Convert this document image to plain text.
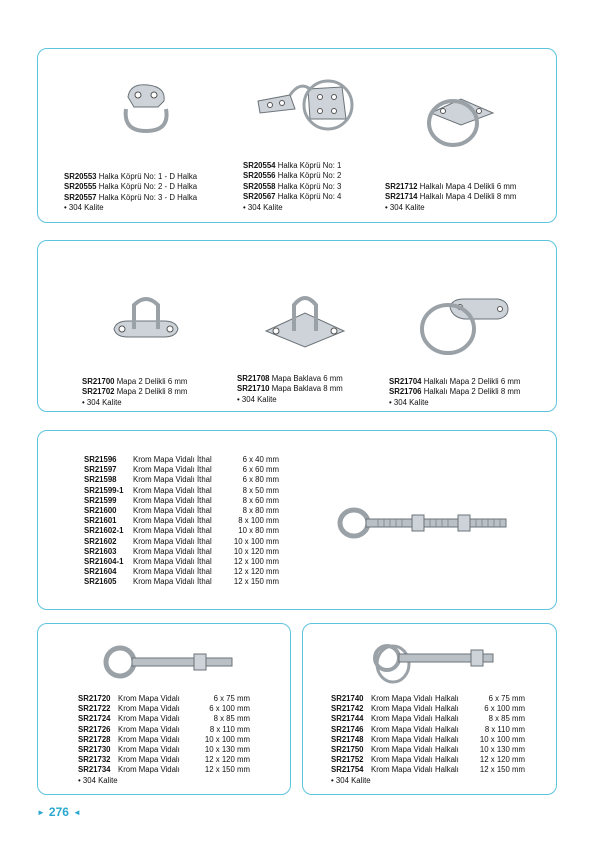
SR20553 Halka Köprü No: 1 - D Halka
SR20555 Halka Köprü No: 2 - D Halka
SR20557 Halka Köprü No: 3 - D Halka
• 304 Kalite
SR20554 Halka Köprü No: 1
SR20556 Halka Köprü No: 2
SR20558 Halka Köprü No: 3
SR20567 Halka Köprü No: 4
• 304 Kalite
SR21712 Halkalı Mapa 4 Delikli 6 mm
SR21714 Halkalı Mapa 4 Delikli 8 mm
• 304 Kalite
SR21700 Mapa 2 Delikli 6 mm
SR21702 Mapa 2 Delikli 8 mm
• 304 Kalite
SR21708 Mapa Baklava 6 mm
SR21710 Mapa Baklava 8 mm
• 304 Kalite
SR21704 Halkalı Mapa 2 Delikli 6 mm
SR21706 Halkalı Mapa 2 Delikli 8 mm
• 304 Kalite
SR21596	Krom Mapa Vidalı İthal	6 x 40 mm
SR21597	Krom Mapa Vidalı İthal	6 x 60 mm
SR21598	Krom Mapa Vidalı İthal	6 x 80 mm
SR21599-1	Krom Mapa Vidalı İthal	8 x 50 mm
SR21599	Krom Mapa Vidalı İthal	8 x 60 mm
SR21600	Krom Mapa Vidalı İthal	8 x 80 mm
SR21601	Krom Mapa Vidalı İthal	8 x 100 mm
SR21602-1	Krom Mapa Vidalı İthal	10 x 80 mm
SR21602	Krom Mapa Vidalı İthal	10 x 100 mm
SR21603	Krom Mapa Vidalı İthal	10 x 120 mm
SR21604-1	Krom Mapa Vidalı İthal	12 x 100 mm
SR21604	Krom Mapa Vidalı İthal	12 x 120 mm
SR21605	Krom Mapa Vidalı İthal	12 x 150 mm
SR21720 Krom Mapa Vidalı	6 x 75 mm
SR21722 Krom Mapa Vidalı	6 x 100 mm
SR21724 Krom Mapa Vidalı	8 x 85 mm
SR21726 Krom Mapa Vidalı	8 x 110 mm
SR21728 Krom Mapa Vidalı	10 x 100 mm
SR21730 Krom Mapa Vidalı	10 x 130 mm
SR21732 Krom Mapa Vidalı	12 x 120 mm
SR21734 Krom Mapa Vidalı	12 x 150 mm
• 304 Kalite
SR21740 Krom Mapa Vidalı Halkalı	6 x 75 mm
SR21742 Krom Mapa Vidalı Halkalı	6 x 100 mm
SR21744 Krom Mapa Vidalı Halkalı	8 x 85 mm
SR21746 Krom Mapa Vidalı Halkalı	8 x 110 mm
SR21748 Krom Mapa Vidalı Halkalı	10 x 100 mm
SR21750 Krom Mapa Vidalı Halkalı	10 x 130 mm
SR21752 Krom Mapa Vidalı Halkalı	12 x 120 mm
SR21754 Krom Mapa Vidalı Halkalı	12 x 150 mm
• 304 Kalite
► 276 ◄
